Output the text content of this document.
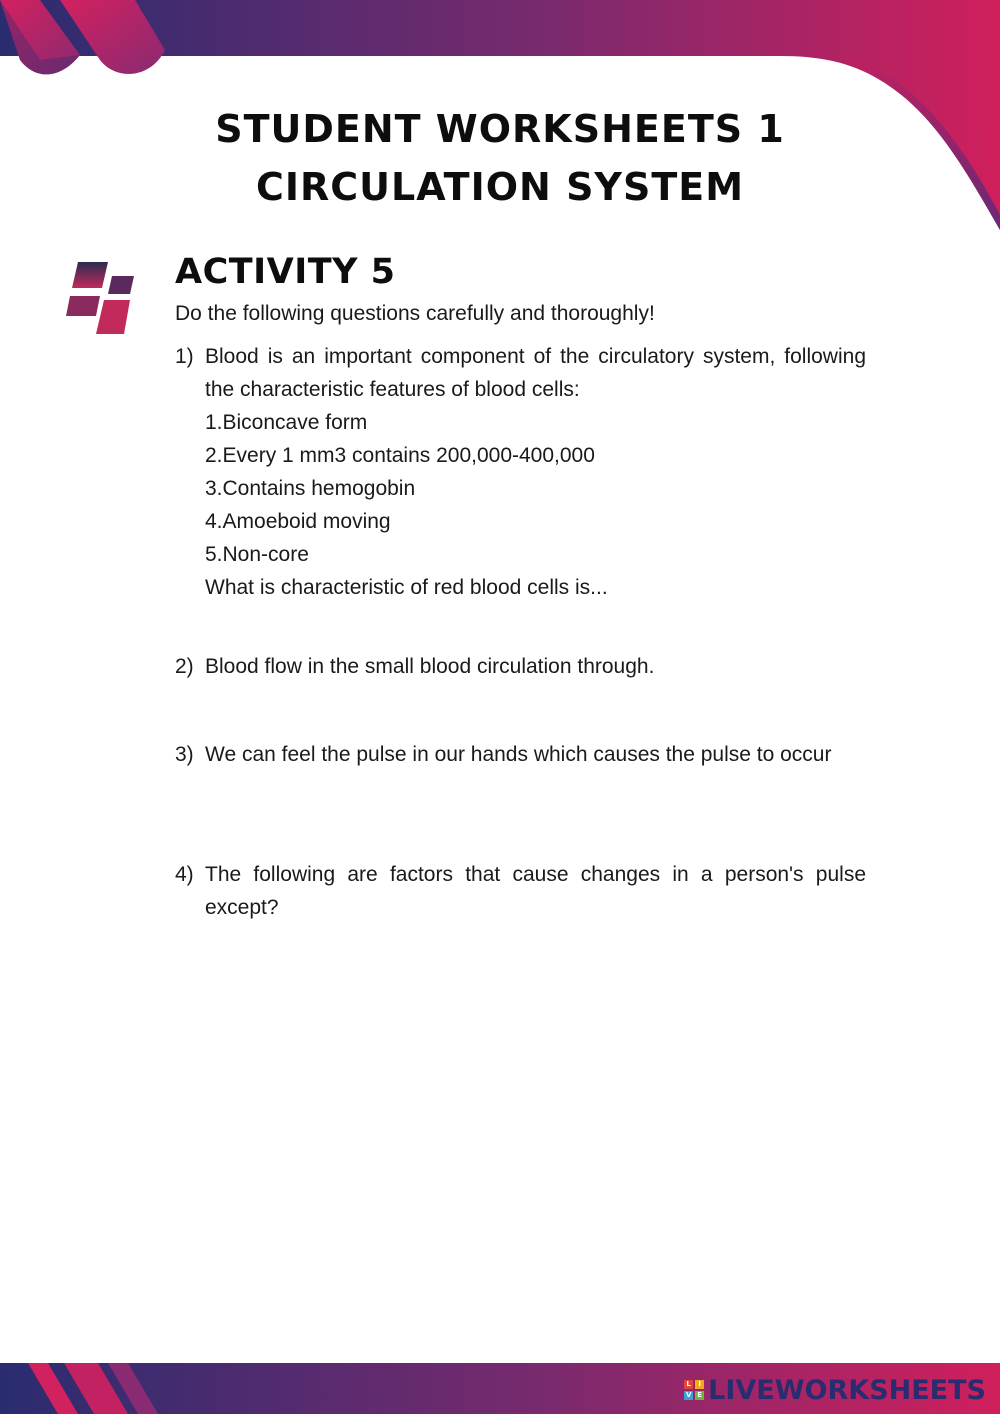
STUDENT WORKSHEETS 1
CIRCULATION SYSTEM
ACTIVITY 5
Do the following questions carefully and thoroughly!
1) Blood is an important component of the circulatory system, following the characteristic features of blood cells:
1.Biconcave form
2.Every 1 mm3 contains 200,000-400,000
3.Contains hemogobin
4.Amoeboid moving
5.Non-core
What is characteristic of red blood cells is...
2) Blood flow in the small blood circulation through.
3) We can feel the pulse in our hands which causes the pulse to occur
4) The following are factors that cause changes in a person's pulse except?
L	I
V E LIVEWORKSHEETS
